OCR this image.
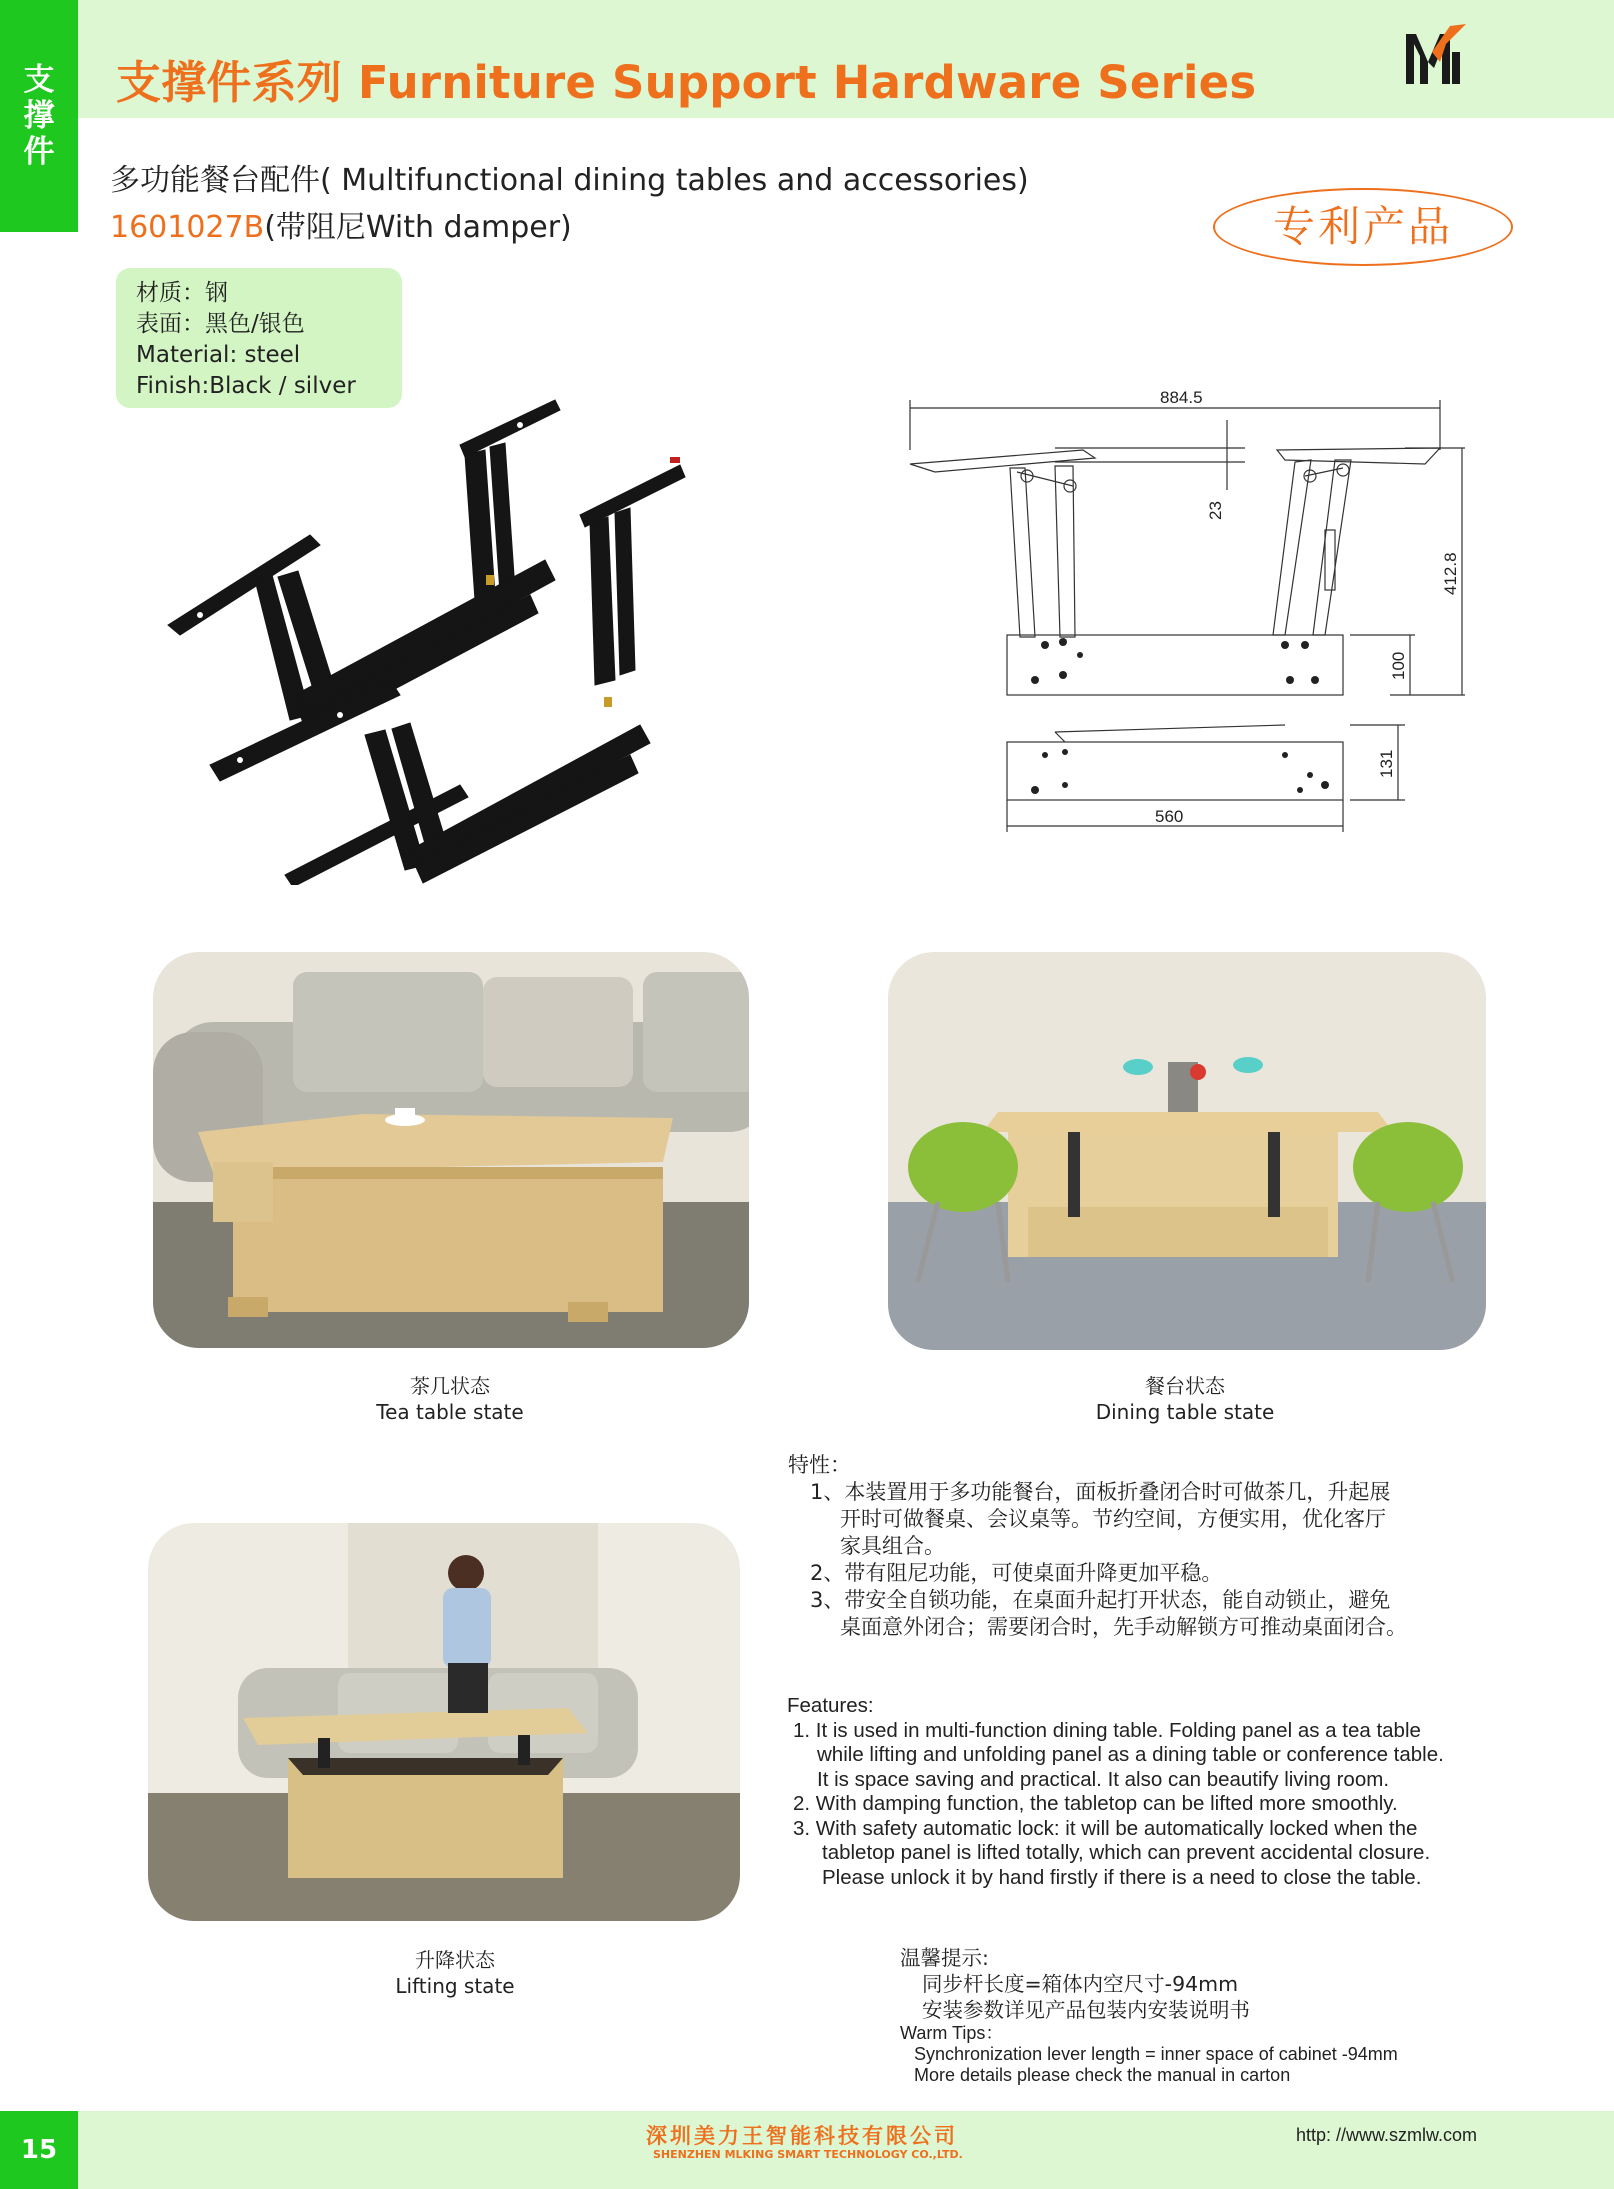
支
撑
件
支撑件系列 Furniture Support Hardware Series
多功能餐台配件( Multifunctional dining tables and accessories)
1601027B(带阻尼With damper)	专利产品
材质：钢
表面：黑色/银色
Material: steel
Finish:Black / silver	884.5
23
412.8
100
131
560
茶几状态
Tea table state
餐台状态
Dining table state
升降状态
Lifting state
特性：
1、本装置用于多功能餐台，面板折叠闭合时可做茶几，升起展
开时可做餐桌、会议桌等。节约空间，方便实用，优化客厅
家具组合。
2、带有阻尼功能，可使桌面升降更加平稳。
3、带安全自锁功能，在桌面升起打开状态，能自动锁止，避免
桌面意外闭合；需要闭合时，先手动解锁方可推动桌面闭合。
Features:
1. It is used in multi-function dining table. Folding panel as a tea table
while lifting and unfolding panel as a dining table or conference table.
It is space saving and practical. It also can beautify living room.
2. With damping function, the tabletop can be lifted more smoothly.
3. With safety automatic lock: it will be automatically locked when the
tabletop panel is lifted totally, which can prevent accidental closure.
Please unlock it by hand firstly if there is a need to close the table.
温馨提示:
同步杆长度=箱体内空尺寸-94mm
安装参数详见产品包装内安装说明书
Warm Tips：
Synchronization lever length = inner space of cabinet -94mm
More details please check the manual in carton
15	深圳美力王智能科技有限公司
SHENZHEN MLKING SMART TECHNOLOGY CO.,LTD.
http: //www.szmlw.com
